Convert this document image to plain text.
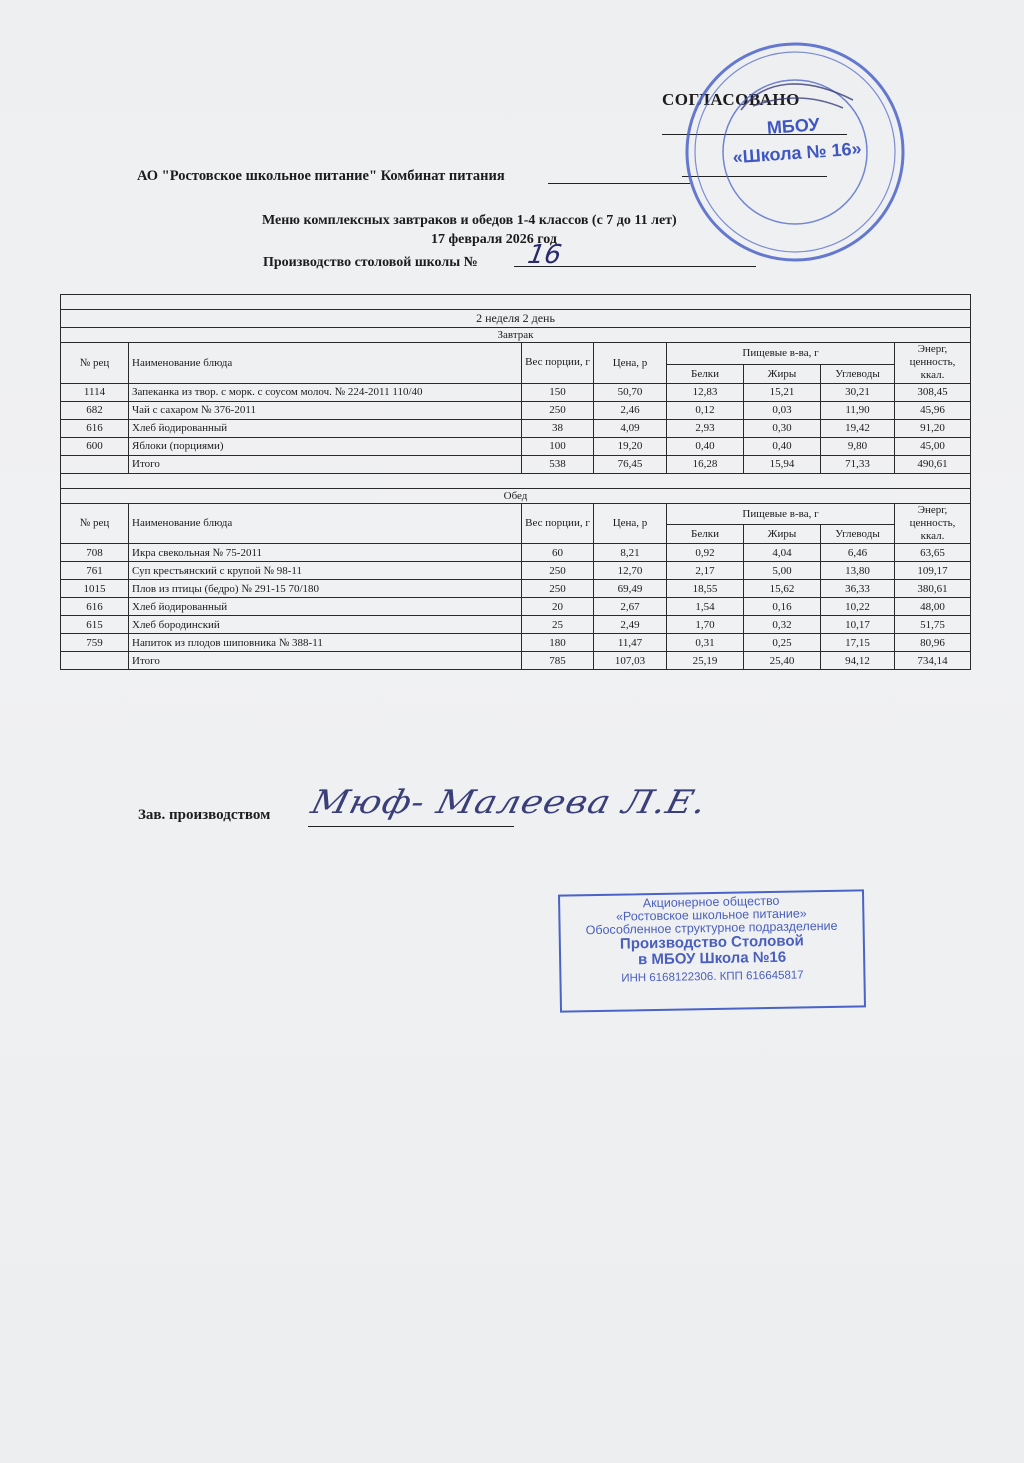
СОГЛАСОВАНО
АО "Ростовское школьное питание" Комбинат питания
Меню комплексных завтраков и обедов 1-4 классов (с 7 до 11 лет)
17 февраля 2026 год
Производство столовой школы № 16

2 неделя 2 день							
Завтрак							
№ рец	Наименование блюда	Вес порции, г	Цена, р	Пищевые в-ва, г			Энерг, ценность, ккал.
				Белки	Жиры	Углеводы	
1114	Запеканка из твор. с морк. с соусом молоч. № 224-2011 110/40	150	50,70	12,83	15,21	30,21	308,45
682	Чай с сахаром № 376-2011	250	2,46	0,12	0,03	11,90	45,96
616	Хлеб йодированный	38	4,09	2,93	0,30	19,42	91,20
600	Яблоки (порциями)	100	19,20	0,40	0,40	9,80	45,00
	Итого	538	76,45	16,28	15,94	71,33	490,61

Обед							
№ рец	Наименование блюда	Вес порции, г	Цена, р	Пищевые в-ва, г			Энерг, ценность, ккал.
				Белки	Жиры	Углеводы	
708	Икра свекольная № 75-2011	60	8,21	0,92	4,04	6,46	63,65
761	Суп крестьянский с крупой № 98-11	250	12,70	2,17	5,00	13,80	109,17
1015	Плов из птицы (бедро) № 291-15 70/180	250	69,49	18,55	15,62	36,33	380,61
616	Хлеб йодированный	20	2,67	1,54	0,16	10,22	48,00
615	Хлеб бородинский	25	2,49	1,70	0,32	10,17	51,75
759	Напиток из плодов шиповника № 388-11	180	11,47	0,31	0,25	17,15	80,96
	Итого	785	107,03	25,19	25,40	94,12	734,14
Зав. производством Мюф- Малеева Л.Е.
Акционерное общество
«Ростовское школьное питание»
Обособленное структурное подразделение
Производство Столовой
в МБОУ Школа №16
ИНН 6168122306. КПП 616645817
МБОУ
«Школа № 16»
